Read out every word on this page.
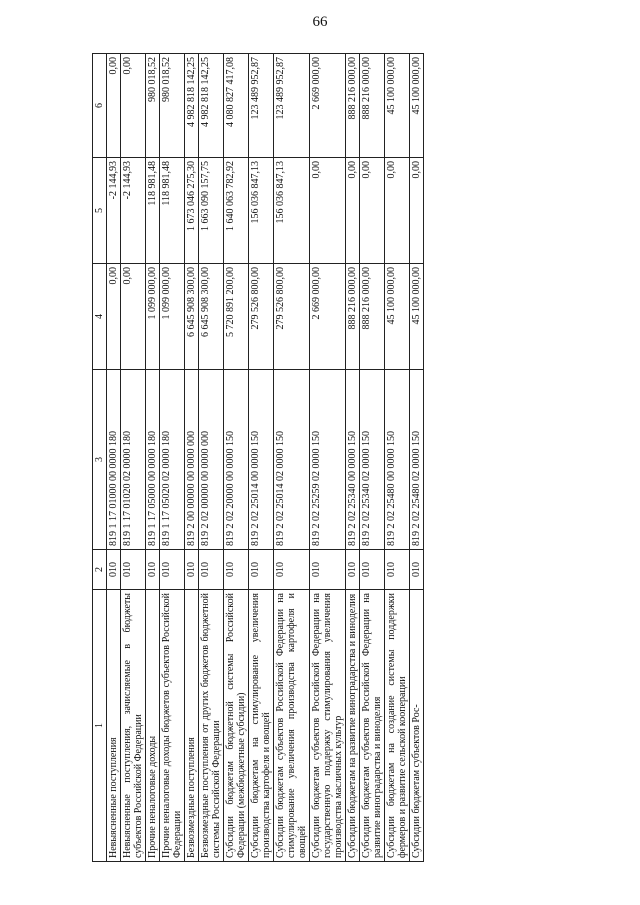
66
1	2	3	4	5	6
Невыясненные поступления	010	819 1 17 01000 00 0000 180	0,00	-2 144,93	0,00
Невыясненные поступления, зачисляемые в бюджеты субъектов Российской Федерации	010	819 1 17 01020 02 0000 180	0,00	-2 144,93	0,00
Прочие неналоговые доходы	010	819 1 17 05000 00 0000 180	1 099 000,00	118 981,48	980 018,52
Прочие неналоговые доходы бюджетов субъектов Российской Федерации	010	819 1 17 05020 02 0000 180	1 099 000,00	118 981,48	980 018,52
Безвозмездные поступления	010	819 2 00 00000 00 0000 000	6 645 908 300,00	1 673 046 275,30	4 982 818 142,25
Безвозмездные поступления от других бюджетов бюджетной системы Российской Федерации	010	819 2 02 00000 00 0000 000	6 645 908 300,00	1 663 090 157,75	4 982 818 142,25
Субсидии бюджетам бюджетной системы Российской Федерации (межбюджетные субсидии)	010	819 2 02 20000 00 0000 150	5 720 891 200,00	1 640 063 782,92	4 080 827 417,08
Субсидии бюджетам на стимулирование увеличения производства картофеля и овощей	010	819 2 02 25014 00 0000 150	279 526 800,00	156 036 847,13	123 489 952,87
Субсидии бюджетам субъектов Российской Федерации на стимулирование увеличения производства картофеля и овощей	010	819 2 02 25014 02 0000 150	279 526 800,00	156 036 847,13	123 489 952,87
Субсидии бюджетам субъектов Российской Федерации на государственную поддержку стимулирования увеличения производства масличных культур	010	819 2 02 25259 02 0000 150	2 669 000,00	0,00	2 669 000,00
Субсидии бюджетам на развитие виноградарства и виноделия	010	819 2 02 25340 00 0000 150	888 216 000,00	0,00	888 216 000,00
Субсидии бюджетам субъектов Российской Федерации на развитие виноградарства и виноделия	010	819 2 02 25340 02 0000 150	888 216 000,00	0,00	888 216 000,00
Субсидии бюджетам на создание системы поддержки фермеров и развитие сельской кооперации	010	819 2 02 25480 00 0000 150	45 100 000,00	0,00	45 100 000,00
Субсидии бюджетам субъектов Рос-	010	819 2 02 25480 02 0000 150	45 100 000,00	0,00	45 100 000,00
